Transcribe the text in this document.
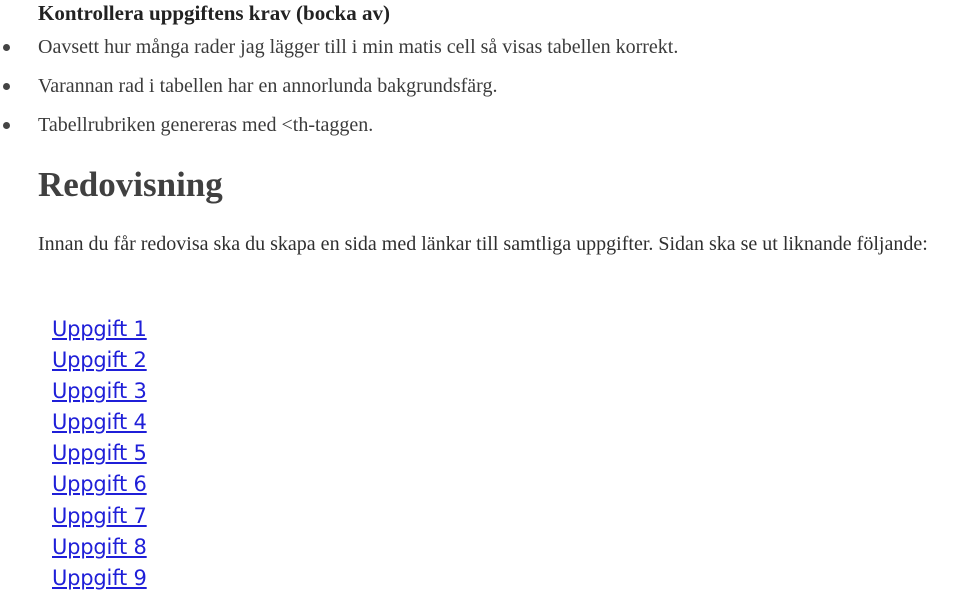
Kontrollera uppgiftens krav (bocka av)
Oavsett hur många rader jag lägger till i min matis cell så visas tabellen korrekt.
Varannan rad i tabellen har en annorlunda bakgrundsfärg.
Tabellrubriken genereras med <th-taggen.
Redovisning
Innan du får redovisa ska du skapa en sida med länkar till samtliga uppgifter. Sidan ska se ut liknande följande:
Uppgift 1
Uppgift 2
Uppgift 3
Uppgift 4
Uppgift 5
Uppgift 6
Uppgift 7
Uppgift 8
Uppgift 9
